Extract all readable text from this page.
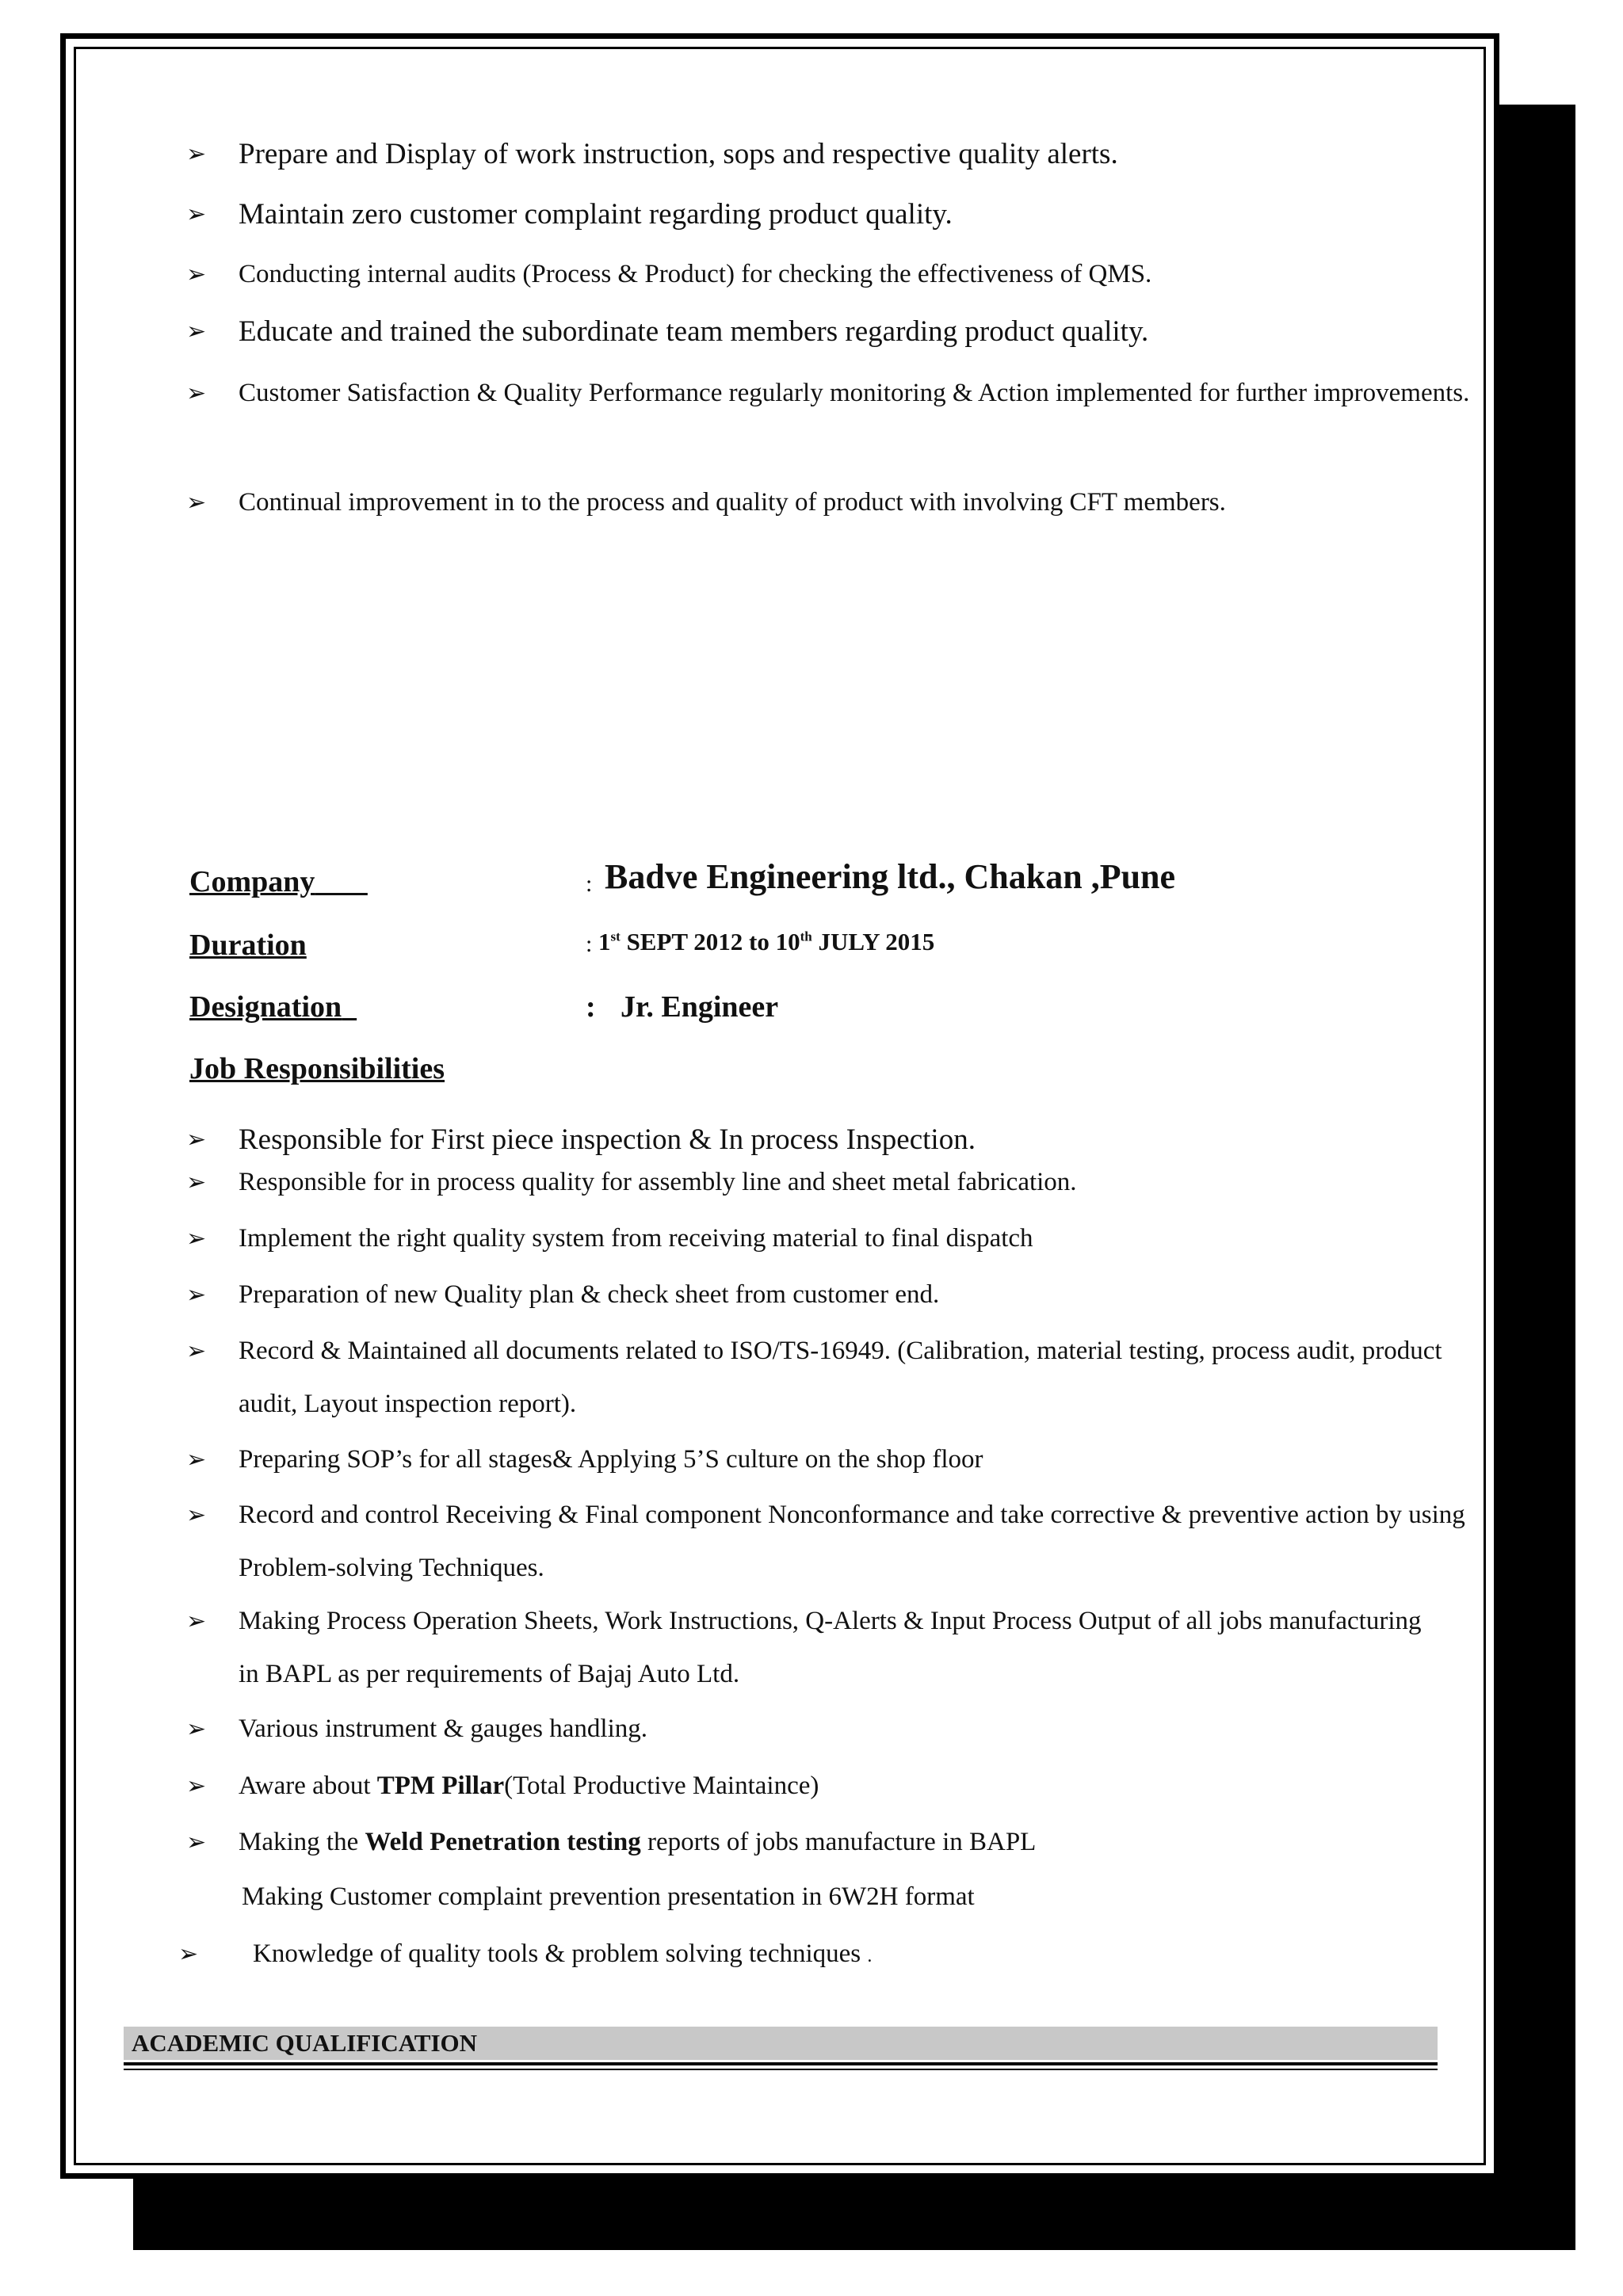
➢	Prepare and Display of work instruction, sops and respective quality alerts.
➢	Maintain zero customer complaint regarding product quality.
➢	Conducting internal audits (Process & Product) for checking the effectiveness of QMS.
➢	Educate and trained the subordinate team members regarding product quality.
➢	Customer Satisfaction & Quality Performance regularly monitoring & Action implemented for further improvements.
➢	Continual improvement in to the process and quality of product with involving CFT members.
Company	: Badve Engineering ltd., Chakan ,Pune
Duration	: 1st SEPT 2012 to 10th JULY 2015
Designation	: Jr. Engineer
Job Responsibilities
➢	Responsible for First piece inspection & In process Inspection.
➢	Responsible for in process quality for assembly line and sheet metal fabrication.
➢	Implement the right quality system from receiving material to final dispatch
➢	Preparation of new Quality plan & check sheet from customer end.
➢	Record & Maintained all documents related to ISO/TS-16949. (Calibration, material testing, process audit, product audit, Layout inspection report).
➢	Preparing SOP’s for all stages& Applying 5’S culture on the shop floor
➢	Record and control Receiving & Final component Nonconformance and take corrective & preventive action by using Problem-solving Techniques.
➢	Making Process Operation Sheets, Work Instructions, Q-Alerts & Input Process Output of all jobs manufacturing in BAPL as per requirements of Bajaj Auto Ltd.
➢	Various instrument & gauges handling.
➢	Aware about TPM Pillar(Total Productive Maintaince)
➢	Making the Weld Penetration testing reports of jobs manufacture in BAPL
Making Customer complaint prevention presentation in 6W2H format
➢	Knowledge of quality tools & problem solving techniques .
ACADEMIC QUALIFICATION
